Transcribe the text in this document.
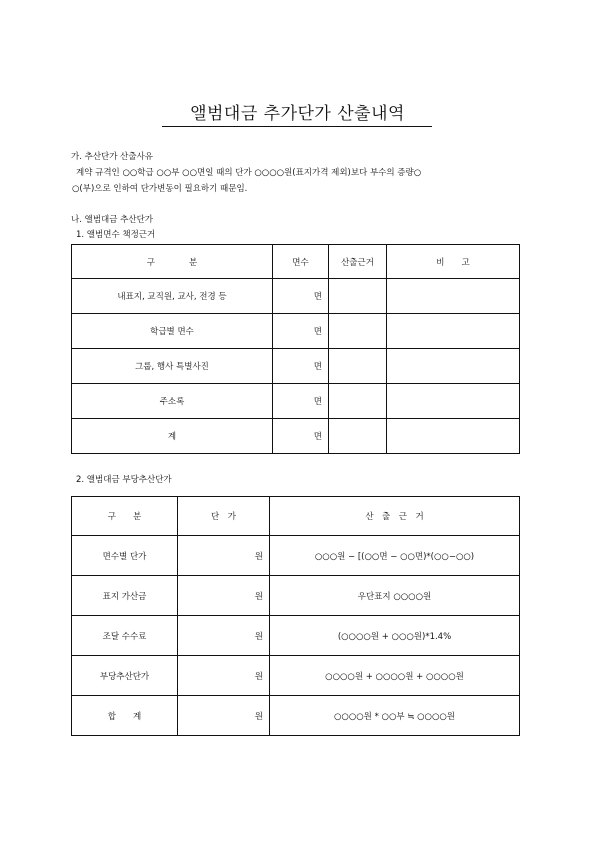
앨범대금 추가단가 산출내역
가. 추산단가 산출사유
계약 규격인 ○○학급 ○○부 ○○면일 때의 단가 ○○○○원(표지가격 제외)보다 부수의 증량○
○(부)으로 인하여 단가변동이 필요하기 때문임.
나. 앨범대금 추산단가
1. 앨범면수 책정근거
구　　　　분	면수	산출근거	비　　고
내표지, 교직원, 교사, 전경 등	면		
학급별 면수	면		
그룹, 행사 특별사진	면		
주소록	면		
계	면		
2. 앨범대금 부당추산단가
구　　분	단　가	산　출　근　거
면수별 단가	원	○○○원 − [(○○면 − ○○면)*(○○−○○)
표지 가산금	원	우단표지 ○○○○원
조달 수수료	원	(○○○○원 + ○○○원)*1.4%
부당추산단가	원	○○○○원 + ○○○○원 + ○○○○원
합　　계	원	○○○○원 * ○○부 ≒ ○○○○원
